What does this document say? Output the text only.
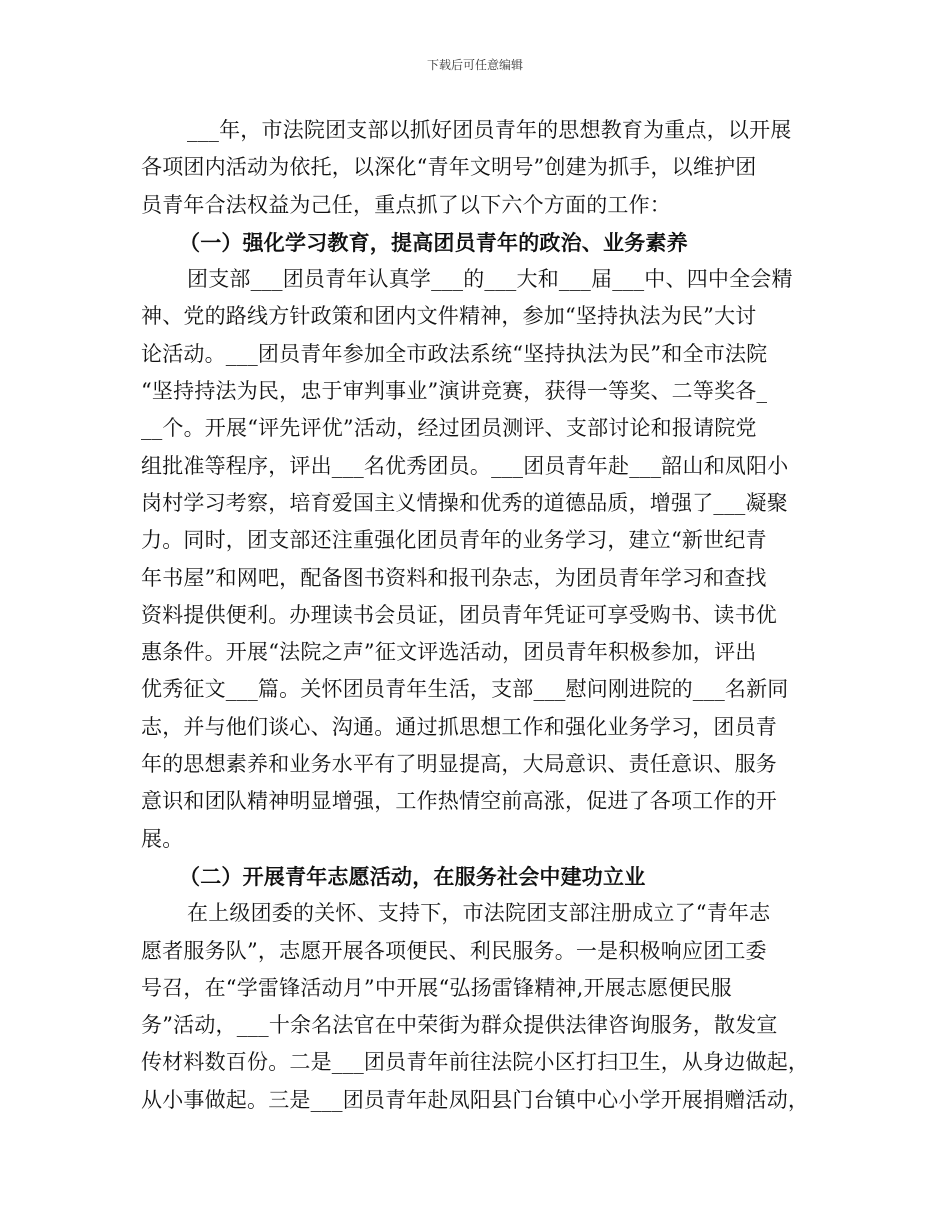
下载后可任意编辑
___年，市法院团支部以抓好团员青年的思想教育为重点，以开展
各项团内活动为依托，以深化“青年文明号”创建为抓手，以维护团
员青年合法权益为己任，重点抓了以下六个方面的工作：
（一）强化学习教育，提高团员青年的政治、业务素养
团支部___团员青年认真学___的___大和___届___中、四中全会精
神、党的路线方针政策和团内文件精神，参加“坚持执法为民”大讨
论活动。___团员青年参加全市政法系统“坚持执法为民”和全市法院
“坚持持法为民，忠于审判事业”演讲竞赛，获得一等奖、二等奖各_
__个。开展“评先评优”活动，经过团员测评、支部讨论和报请院党
组批准等程序，评出___名优秀团员。___团员青年赴___韶山和凤阳小
岗村学习考察，培育爱国主义情操和优秀的道德品质，增强了___凝聚
力。同时，团支部还注重强化团员青年的业务学习，建立“新世纪青
年书屋”和网吧，配备图书资料和报刊杂志，为团员青年学习和查找
资料提供便利。办理读书会员证，团员青年凭证可享受购书、读书优
惠条件。开展“法院之声”征文评选活动，团员青年积极参加，评出
优秀征文___篇。关怀团员青年生活，支部___慰问刚进院的___名新同
志，并与他们谈心、沟通。通过抓思想工作和强化业务学习，团员青
年的思想素养和业务水平有了明显提高，大局意识、责任意识、服务
意识和团队精神明显增强，工作热情空前高涨，促进了各项工作的开
展。
（二）开展青年志愿活动，在服务社会中建功立业
在上级团委的关怀、支持下，市法院团支部注册成立了“青年志
愿者服务队”，志愿开展各项便民、利民服务。一是积极响应团工委
号召，在“学雷锋活动月”中开展“弘扬雷锋精神,开展志愿便民服
务”活动，___十余名法官在中荣街为群众提供法律咨询服务，散发宣
传材料数百份。二是___团员青年前往法院小区打扫卫生，从身边做起，
从小事做起。三是___团员青年赴凤阳县门台镇中心小学开展捐赠活动，
